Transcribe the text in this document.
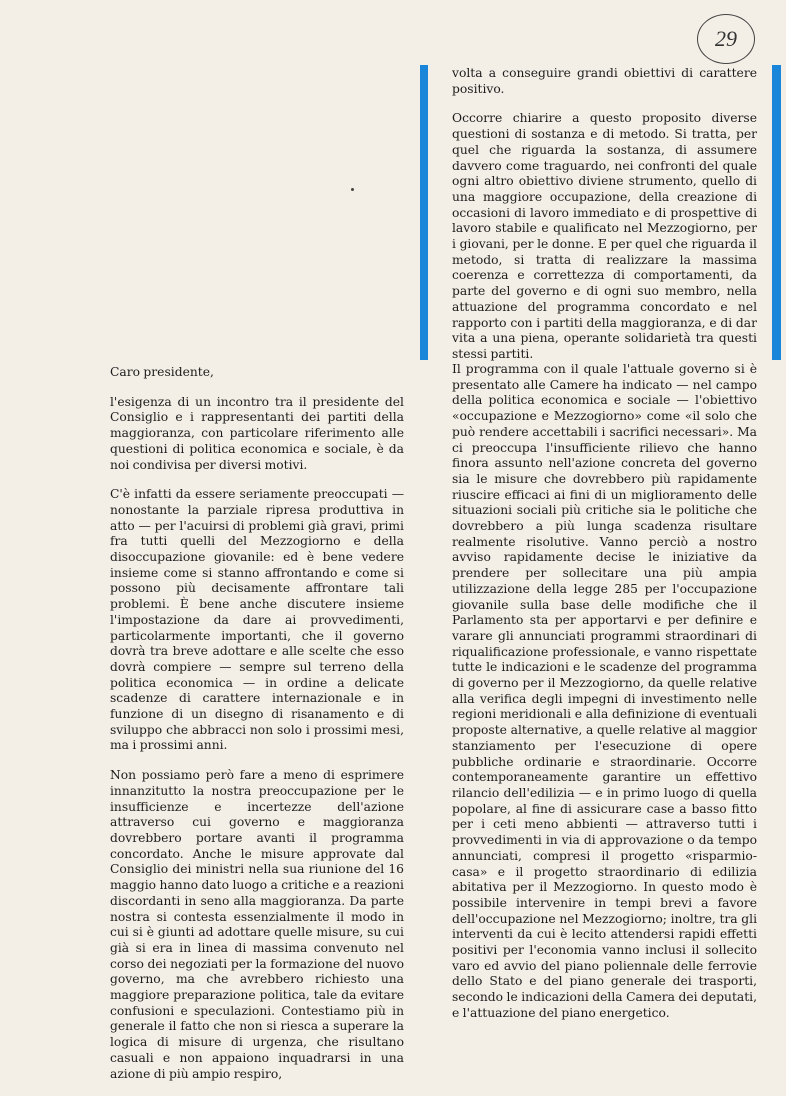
29

volta a conseguire grandi obiettivi di carattere positivo.

Occorre chiarire a questo proposito diverse questioni di sostanza e di metodo. Si tratta, per quel che riguarda la sostanza, di assumere davvero come traguardo, nei confronti del quale ogni altro obiettivo diviene strumento, quello di una maggiore occupazione, della creazione di occasioni di lavoro immediato e di prospettive di lavoro stabile e qualificato nel Mezzogiorno, per i giovani, per le donne. E per quel che riguarda il metodo, si tratta di realizzare la massima coerenza e correttezza di comportamenti, da parte del governo e di ogni suo membro, nella attuazione del programma concordato e nel rapporto con i partiti della maggioranza, e di dar vita a una piena, operante solidarietà tra questi stessi partiti.

Caro presidente,

l'esigenza di un incontro tra il presidente del Consiglio e i rappresentanti dei partiti della maggioranza, con particolare riferimento alle questioni di politica economica e sociale, è da noi condivisa per diversi motivi.

C'è infatti da essere seriamente preoccupati — nonostante la parziale ripresa produttiva in atto — per l'acuirsi di problemi già gravi, primi fra tutti quelli del Mezzogiorno e della disoccupazione giovanile: ed è bene vedere insieme come si stanno affrontando e come si possono più decisamente affrontare tali problemi. È bene anche discutere insieme l'impostazione da dare ai provvedimenti, particolarmente importanti, che il governo dovrà tra breve adottare e alle scelte che esso dovrà compiere — sempre sul terreno della politica economica — in ordine a delicate scadenze di carattere internazionale e in funzione di un disegno di risanamento e di sviluppo che abbracci non solo i prossimi mesi, ma i prossimi anni.

Non possiamo però fare a meno di esprimere innanzitutto la nostra preoccupazione per le insufficienze e incertezze dell'azione attraverso cui governo e maggioranza dovrebbero portare avanti il programma concordato. Anche le misure approvate dal Consiglio dei ministri nella sua riunione del 16 maggio hanno dato luogo a critiche e a reazioni discordanti in seno alla maggioranza. Da parte nostra si contesta essenzialmente il modo in cui si è giunti ad adottare quelle misure, su cui già si era in linea di massima convenuto nel corso dei negoziati per la formazione del nuovo governo, ma che avrebbero richiesto una maggiore preparazione politica, tale da evitare confusioni e speculazioni. Contestiamo più in generale il fatto che non si riesca a superare la logica di misure di urgenza, che risultano casuali e non appaiono inquadrarsi in una azione di più ampio respiro,

Il programma con il quale l'attuale governo si è presentato alle Camere ha indicato — nel campo della politica economica e sociale — l'obiettivo «occupazione e Mezzogiorno» come «il solo che può rendere accettabili i sacrifici necessari». Ma ci preoccupa l'insufficiente rilievo che hanno finora assunto nell'azione concreta del governo sia le misure che dovrebbero più rapidamente riuscire efficaci ai fini di un miglioramento delle situazioni sociali più critiche sia le politiche che dovrebbero a più lunga scadenza risultare realmente risolutive. Vanno perciò a nostro avviso rapidamente decise le iniziative da prendere per sollecitare una più ampia utilizzazione della legge 285 per l'occupazione giovanile sulla base delle modifiche che il Parlamento sta per apportarvi e per definire e varare gli annunciati programmi straordinari di riqualificazione professionale, e vanno rispettate tutte le indicazioni e le scadenze del programma di governo per il Mezzogiorno, da quelle relative alla verifica degli impegni di investimento nelle regioni meridionali e alla definizione di eventuali proposte alternative, a quelle relative al maggior stanziamento per l'esecuzione di opere pubbliche ordinarie e straordinarie. Occorre contemporaneamente garantire un effettivo rilancio dell'edilizia — e in primo luogo di quella popolare, al fine di assicurare case a basso fitto per i ceti meno abbienti — attraverso tutti i provvedimenti in via di approvazione o da tempo annunciati, compresi il progetto «risparmio-casa» e il progetto straordinario di edilizia abitativa per il Mezzogiorno. In questo modo è possibile intervenire in tempi brevi a favore dell'occupazione nel Mezzogiorno; inoltre, tra gli interventi da cui è lecito attendersi rapidi effetti positivi per l'economia vanno inclusi il sollecito varo ed avvio del piano poliennale delle ferrovie dello Stato e del piano generale dei trasporti, secondo le indicazioni della Camera dei deputati, e l'attuazione del piano energetico.
